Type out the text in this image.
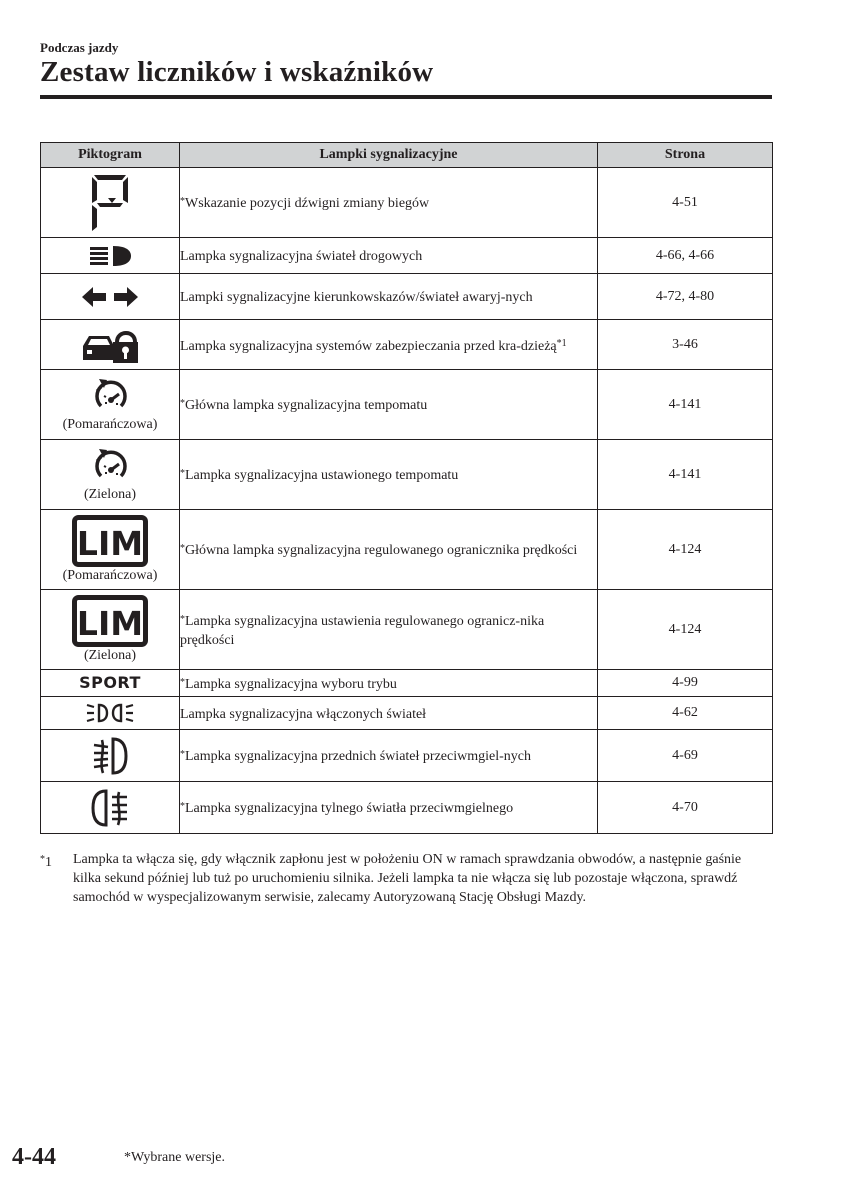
Podczas jazdy
Zestaw liczników i wskaźników
Piktogram	Lampki sygnalizacyjne	Strona

	*Wskazanie pozycji dźwigni zmiany biegów	4-51

	Lampka sygnalizacyjna świateł drogowych	4-66, 4-66

	Lampki sygnalizacyjne kierunkowskazów/świateł awaryj-nych	4-72, 4-80

	Lampka sygnalizacyjna systemów zabezpieczania przed kra-dzieżą$^{*1}$	3-46

(Pomarańczowa)	*Główna lampka sygnalizacyjna tempomatu	4-141

(Zielona)	*Lampka sygnalizacyjna ustawionego tempomatu	4-141

LIM
(Pomarańczowa)	*Główna lampka sygnalizacyjna regulowanego ogranicznika prędkości	4-124

LIM
(Zielona)	*Lampka sygnalizacyjna ustawienia regulowanego ogranicz-nika prędkości	4-124

SPORT	*Lampka sygnalizacyjna wyboru trybu	4-99

	Lampka sygnalizacyjna włączonych świateł	4-62

	*Lampka sygnalizacyjna przednich świateł przeciwmgiel-nych	4-69

	*Lampka sygnalizacyjna tylnego światła przeciwmgielnego	4-70
*1 Lampka ta włącza się, gdy włącznik zapłonu jest w położeniu ON w ramach sprawdzania obwodów, a następnie gaśnie kilka sekund później lub tuż po uruchomieniu silnika. Jeżeli lampka ta nie włącza się lub pozostaje włączona, sprawdź samochód w wyspecjalizowanym serwisie, zalecamy Autoryzowaną Stację Obsługi Mazdy.
4-44	*Wybrane wersje.
